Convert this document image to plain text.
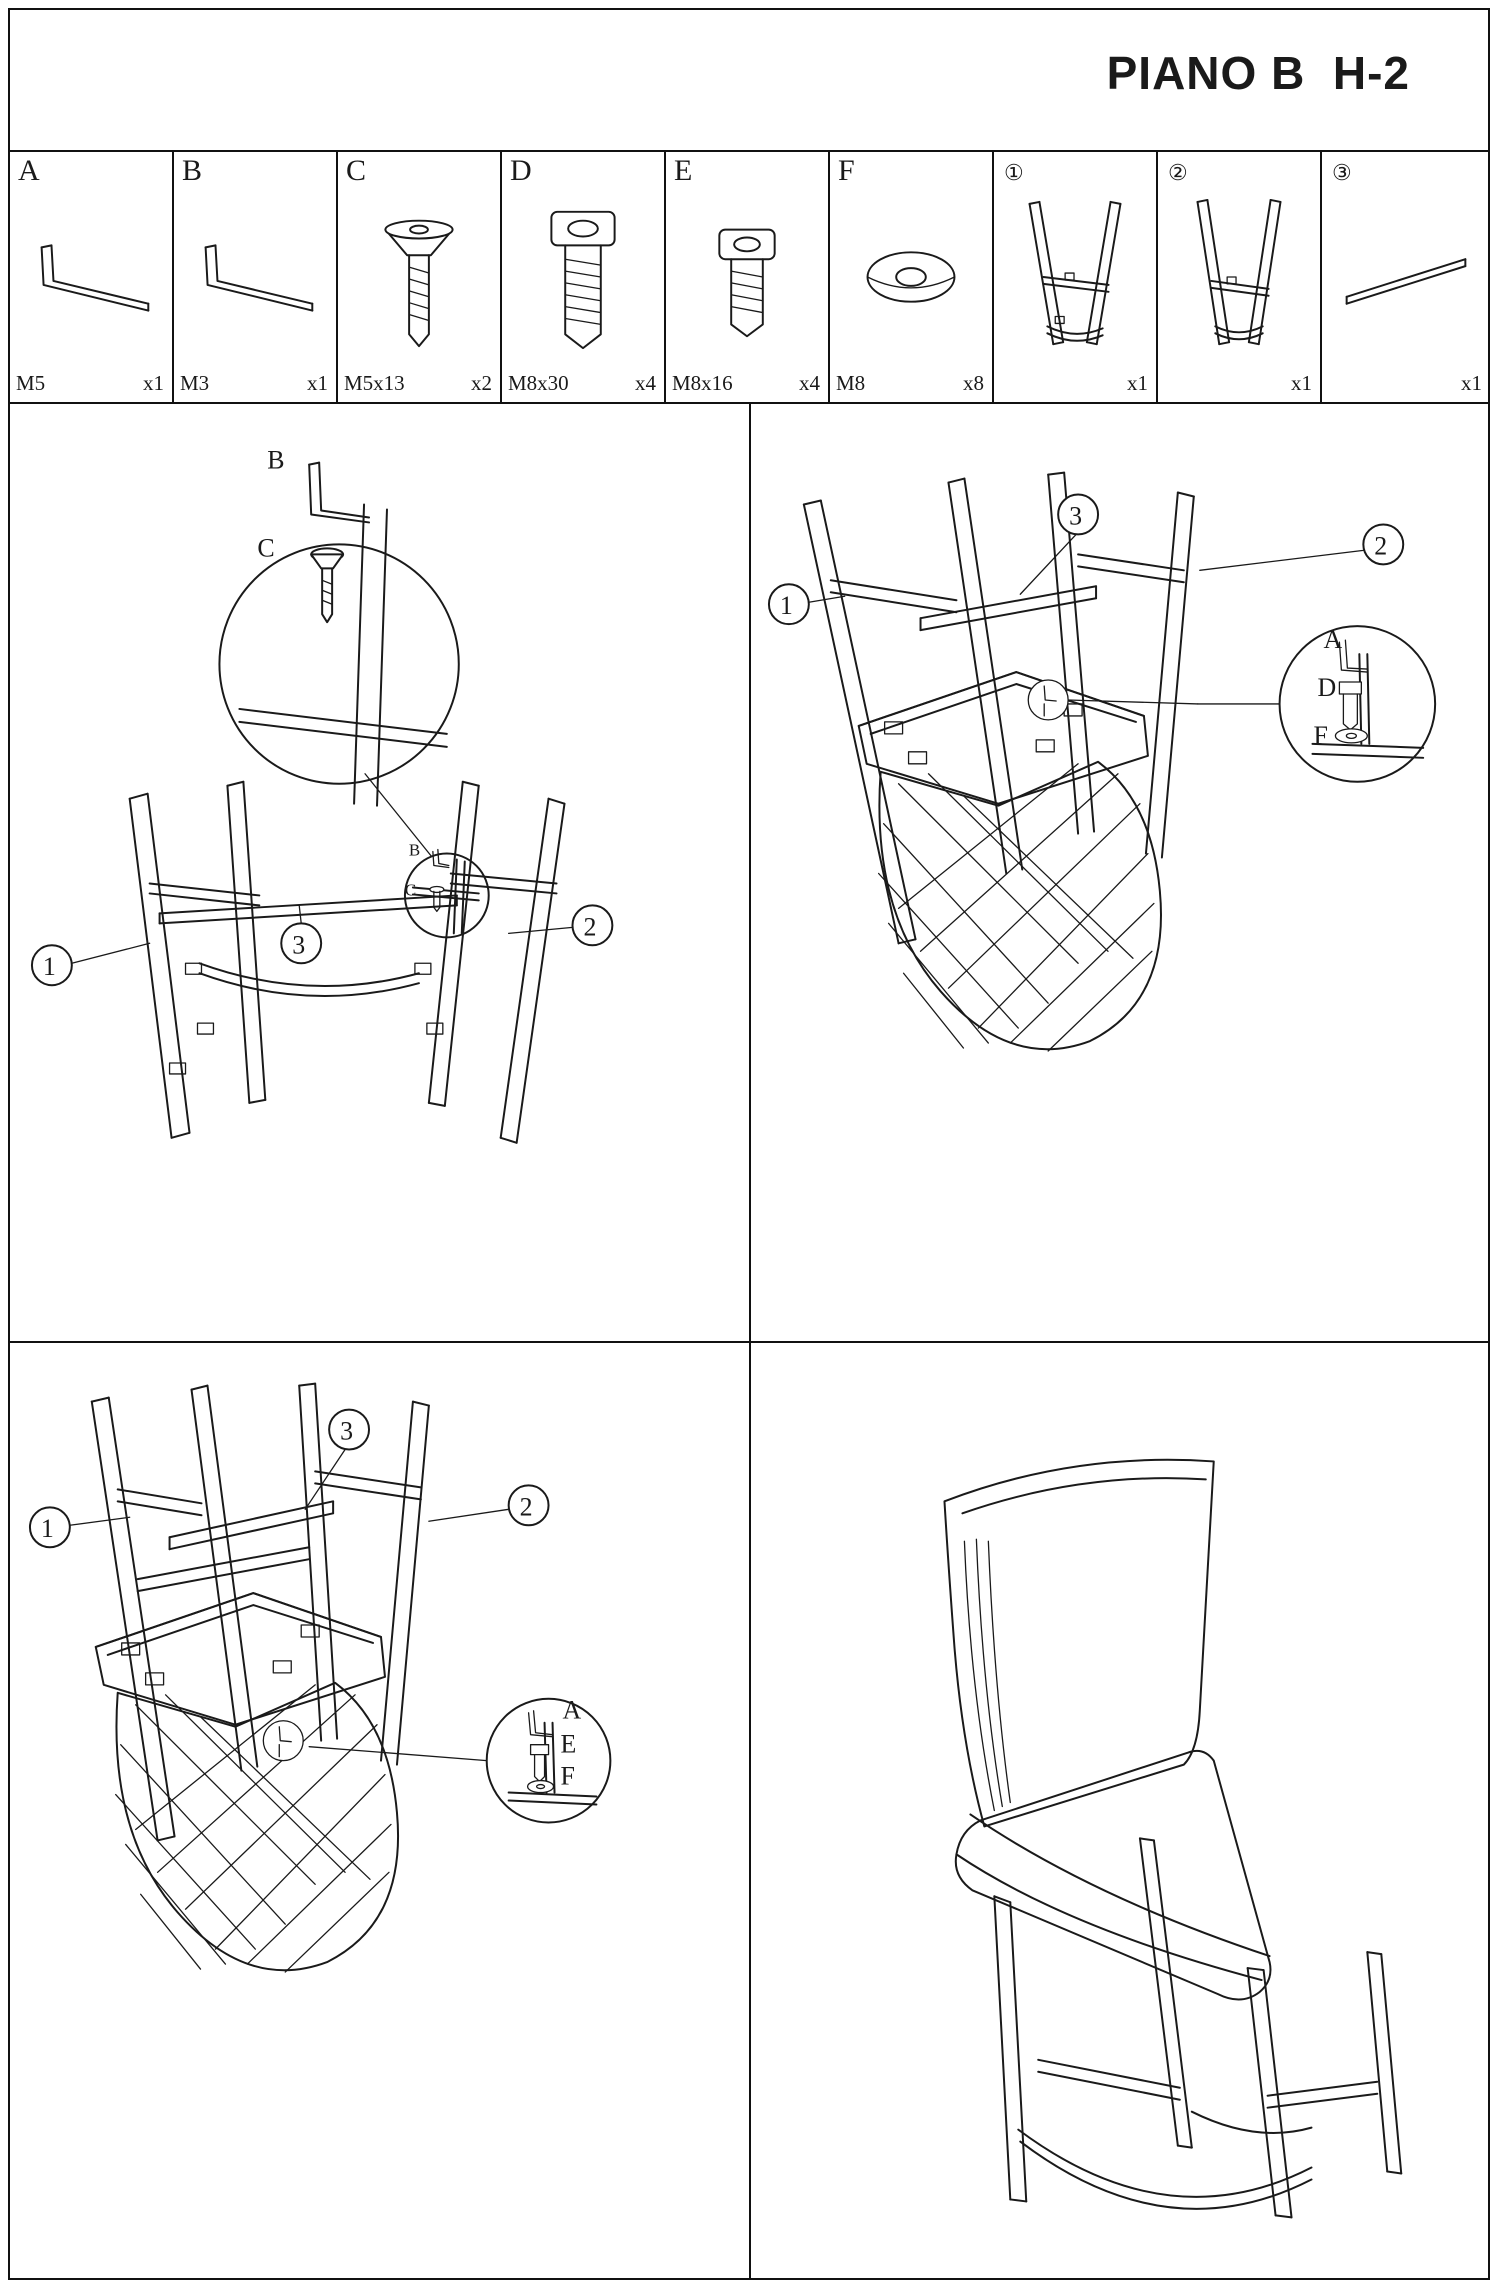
PIANO B  H-2
A
M5	x1
B
M3	x1
C
M5x13	x2
D
M8x30	x4
E
M8x16	x4
F
M8	x8
①
x1
②
x1
③
x1
B
C
B
C
1
3
2
A
D
F
1
3
2
A
E
F
1
3
2
